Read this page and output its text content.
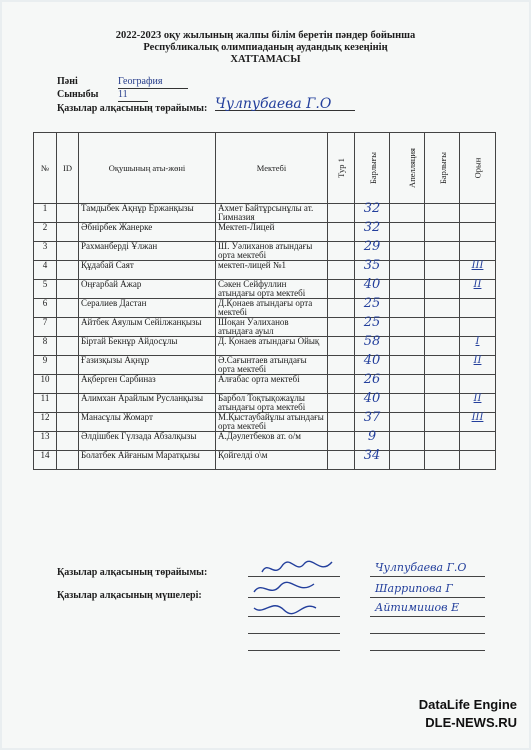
2022-2023 оқу жылының жалпы білім беретін пәндер бойынша
Республикалық олимпиаданың аудандық кезеңінің
ХАТТАМАСЫ
Пәні	География
Сыныбы 11
Қазылар алқасының төрайымы: Чулпубаева Г.О
№	ID	Оқушының аты-жөні	Мектебі	Тур 1	Барлығы	Апелляция	Барлығы	Орын
1		Тамдыбек Ақнұр Ержанқызы	Ахмет Байтұрсынұлы ат. Гимназия		32			
2		Әбнірбек Жанерке	Мектеп-Лицей		32			
3		Рахманберді Ұлжан	Ш. Уәлиханов атындағы орта мектебі		29			
4		Құдабай Саят	мектеп-лицей №1		35			III
5		Оңғарбай Ажар	Сәкен Сейфуллин атындағы орта мектебі		40			II
6		Сералиев Дастан	Д.Қонаев атындағы орта мектебі		25			
7		Айтбек Аяулым Сейілжанқызы	Шоқан Уәлиханов атындаға ауыл		25			
8		Біртай Бекнұр Айдосұлы	Д. Қонаев атындағы Ойық		58			I
9		Ғазизқызы Ақнұр	Ә.Сағынтаев атындағы орта мектебі		40			II
10		Ақберген Сарбиназ	Алғабас орта мектебі		26			
11		Алимхан Арайлым Русланқызы	Барбол Тоқтықожаұлы атындағы орта мектебі		40			II
12		Манасұлы Жомарт	М.Қыстаубайұлы атындағы орта мектебі		37			III
13		Әлдішбек Гүлзада Абзалқызы	А.Дәулетбеков ат. о/м		9			
14		Болатбек Айғаным Маратқызы	Қойгелді о\м		34			
Қазылар алқасының төрайымы:
Қазылар алқасының мүшелері:
Чулпубаева Г.О
Шаррипова Г
Айтимишов Е
DataLife Engine
DLE-NEWS.RU
